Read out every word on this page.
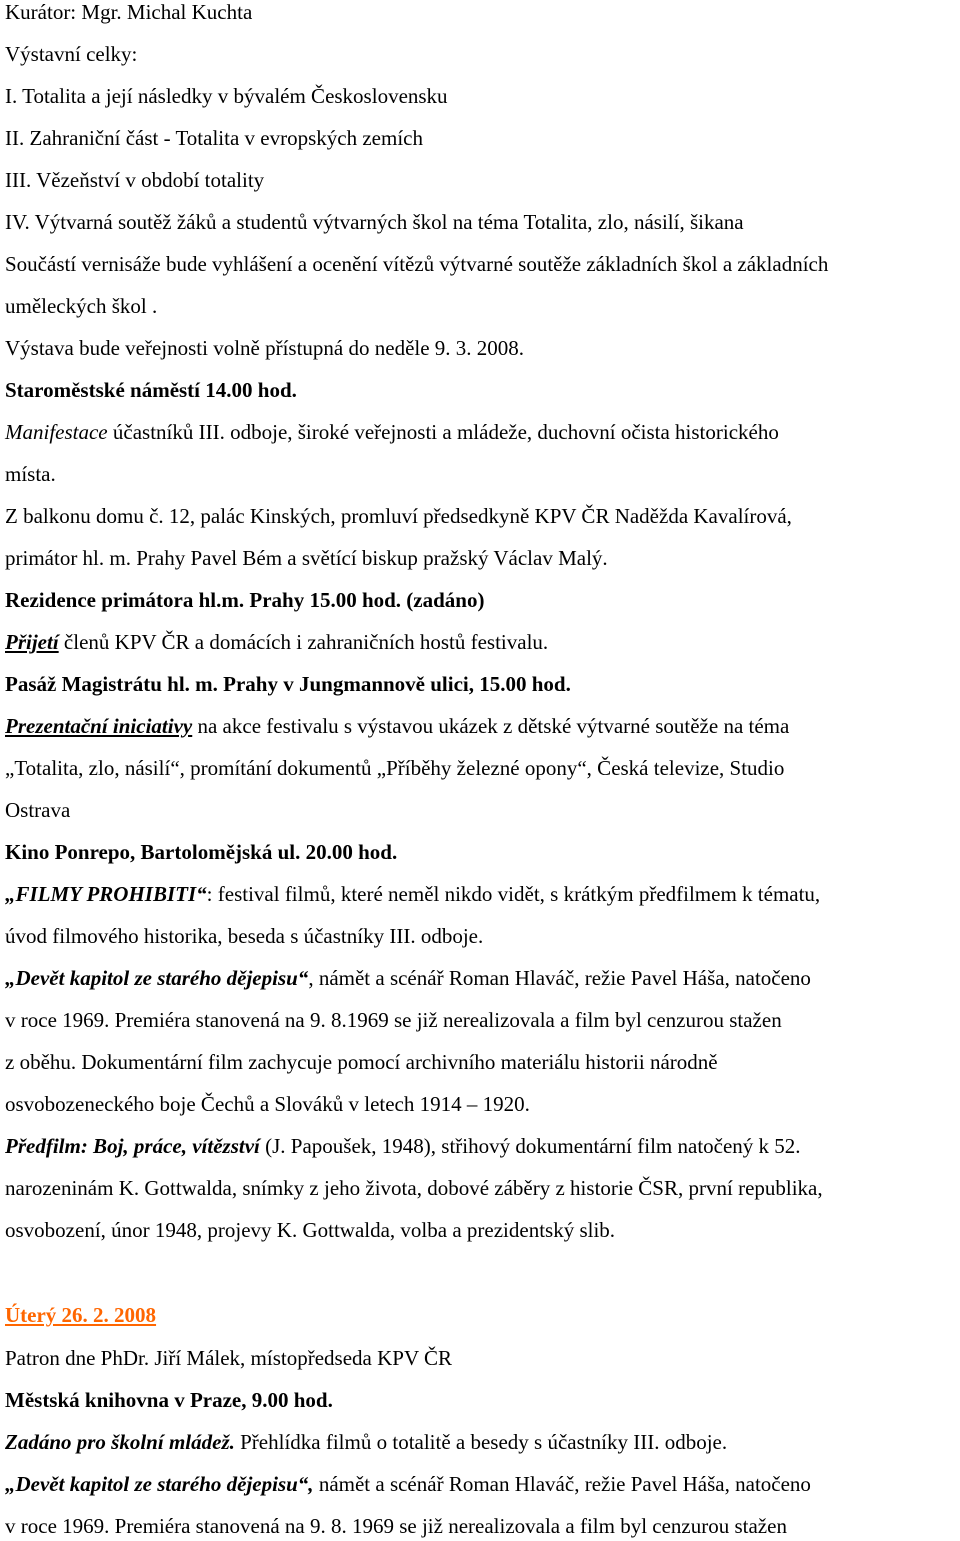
Kurátor: Mgr. Michal Kuchta
Výstavní celky:
I. Totalita a její následky v bývalém Československu
II. Zahraniční část - Totalita v evropských zemích
III. Vězeňství v období totality
IV. Výtvarná soutěž žáků a studentů výtvarných škol na téma Totalita, zlo, násilí, šikana
Součástí vernisáže bude vyhlášení a ocenění vítězů výtvarné soutěže základních škol a základních
uměleckých škol .
Výstava bude veřejnosti volně přístupná do neděle 9. 3. 2008.
Staroměstské náměstí 14.00 hod.
Manifestace účastníků III. odboje, široké veřejnosti a mládeže, duchovní očista historického
místa.
Z balkonu domu č. 12, palác Kinských, promluví předsedkyně KPV ČR Naděžda Kavalírová,
primátor hl. m. Prahy Pavel Bém a světící biskup pražský Václav Malý.
Rezidence primátora hl.m. Prahy 15.00 hod. (zadáno)
Přijetí členů KPV ČR a domácích i zahraničních hostů festivalu.
Pasáž Magistrátu hl. m. Prahy v Jungmannově ulici, 15.00 hod.
Prezentační iniciativy na akce festivalu s výstavou ukázek z dětské výtvarné soutěže na téma
„Totalita, zlo, násilí“, promítání dokumentů „Příběhy železné opony“, Česká televize, Studio
Ostrava
Kino Ponrepo, Bartolomějská ul. 20.00 hod.
„FILMY PROHIBITI“: festival filmů, které neměl nikdo vidět, s krátkým předfilmem k tématu,
úvod filmového historika, beseda s účastníky III. odboje.
„Devět kapitol ze starého dějepisu“, námět a scénář Roman Hlaváč, režie Pavel Háša, natočeno
v roce 1969. Premiéra stanovená na 9. 8.1969 se již nerealizovala a film byl cenzurou stažen
z oběhu. Dokumentární film zachycuje pomocí archivního materiálu historii národně
osvobozeneckého boje Čechů a Slováků v letech 1914 – 1920.
Předfilm: Boj, práce, vítězství (J. Papoušek, 1948), střihový dokumentární film natočený k 52.
narozeninám K. Gottwalda, snímky z jeho života, dobové záběry z historie ČSR, první republika,
osvobození, únor 1948, projevy K. Gottwalda, volba a prezidentský slib.
Úterý 26. 2. 2008
Patron dne PhDr. Jiří Málek, místopředseda KPV ČR
Městská knihovna v Praze, 9.00 hod.
Zadáno pro školní mládež. Přehlídka filmů o totalitě a besedy s účastníky III. odboje.
„Devět kapitol ze starého dějepisu“, námět a scénář Roman Hlaváč, režie Pavel Háša, natočeno
v roce 1969. Premiéra stanovená na 9. 8. 1969 se již nerealizovala a film byl cenzurou stažen
